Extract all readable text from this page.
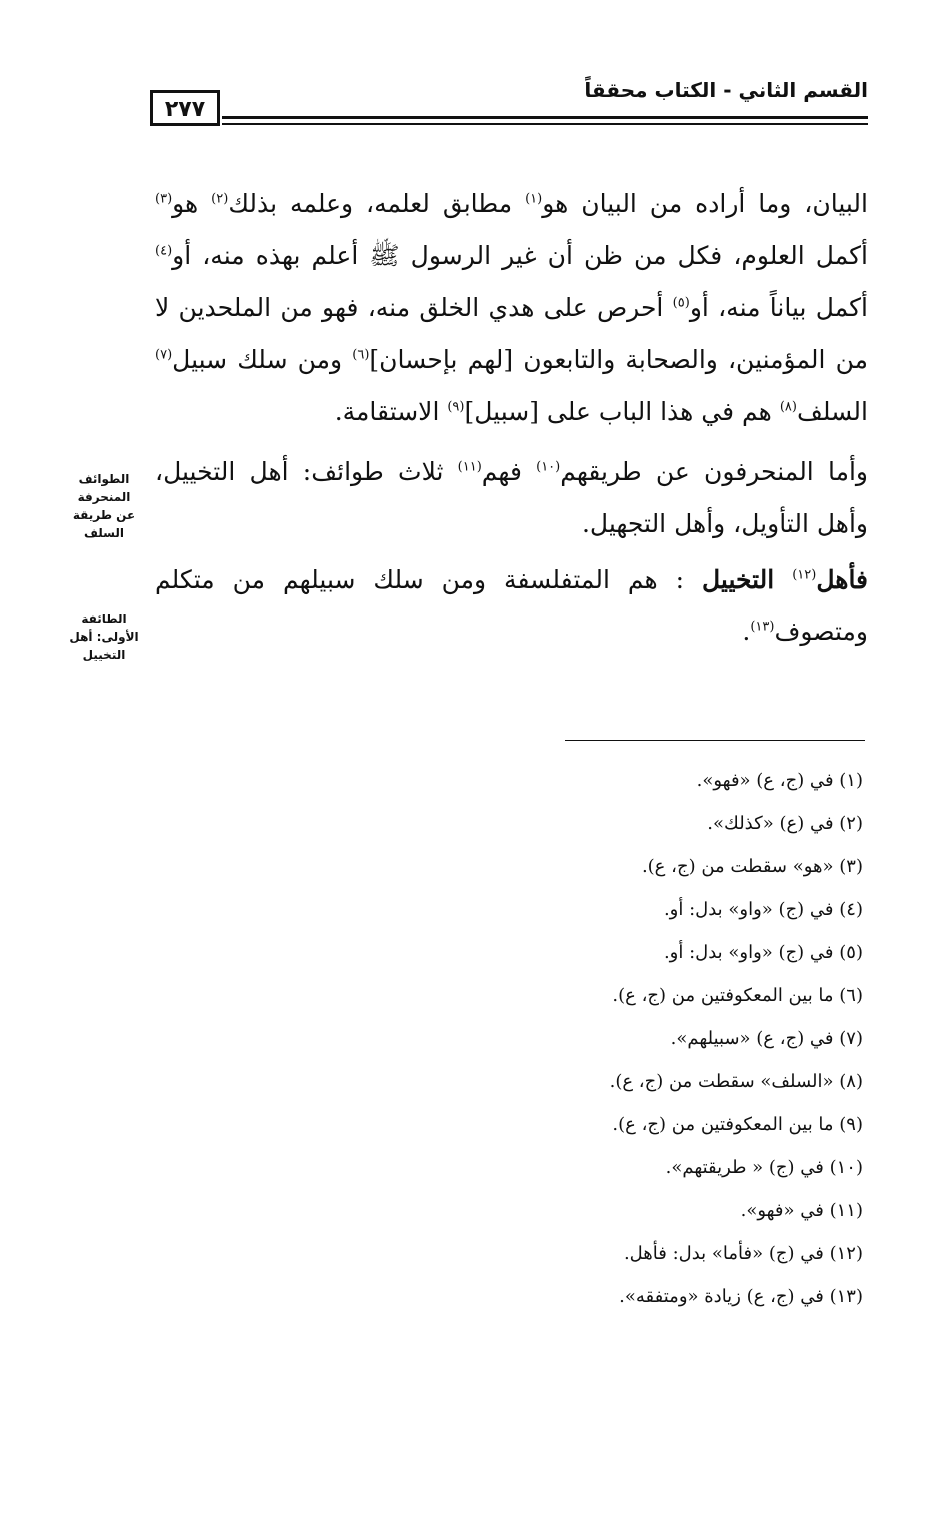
٢٧٧
القسم الثاني - الكتاب محققاً

البيان، وما أراده من البيان هو$^{(١)}$ مطابق لعلمه، وعلمه بذلك$^{(٢)}$ هو$^{(٣)}$ أكمل العلوم، فكل من ظن أن غير الرسول ﷺ أعلم بهذه منه، أو$^{(٤)}$ أكمل بياناً منه، أو$^{(٥)}$ أحرص على هدي الخلق منه، فهو من الملحدين لا من المؤمنين، والصحابة والتابعون [لهم بإحسان]$^{(٦)}$ ومن سلك سبيل$^{(٧)}$ السلف$^{(٨)}$ هم في هذا الباب على [سبيل]$^{(٩)}$ الاستقامة.

وأما المنحرفون عن طريقهم$^{(١٠)}$ فهم$^{(١١)}$ ثلاث طوائف: أهل التخييل، وأهل التأويل، وأهل التجهيل.

فأهل$^{(١٢)}$ التخييل : هم المتفلسفة ومن سلك سبيلهم من متكلم ومتصوف$^{(١٣)}$.

الطوائف
المنحرفة
عن طريقة
السلف
الطائفة
الأولى: أهل
التخييل
(١) في (ج، ع) «فهو».
(٢) في (ع) «كذلك».
(٣) «هو» سقطت من (ج، ع).
(٤) في (ج) «واو» بدل: أو.
(٥) في (ج) «واو» بدل: أو.
(٦) ما بين المعكوفتين من (ج، ع).
(٧) في (ج، ع) «سبيلهم».
(٨) «السلف» سقطت من (ج، ع).
(٩) ما بين المعكوفتين من (ج، ع).
(١٠) في (ج) « طريقتهم».
(١١) في «فهو».
(١٢) في (ج) «فأما» بدل: فأهل.
(١٣) في (ج، ع) زيادة «ومتفقه».
